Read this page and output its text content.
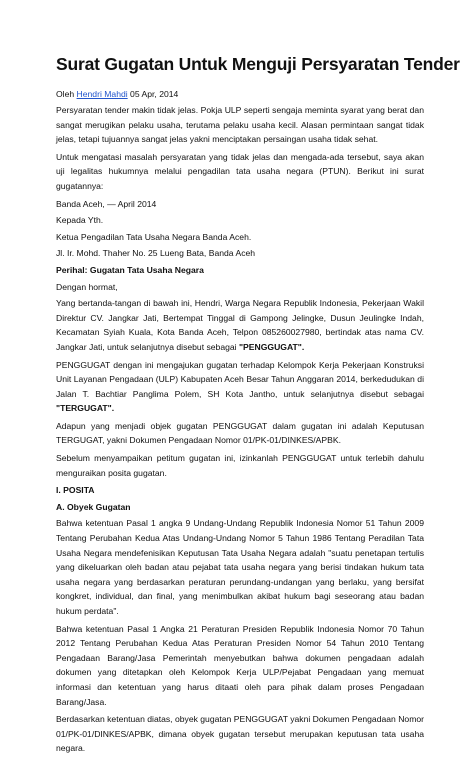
Surat Gugatan Untuk Menguji Persyaratan Tender
Oleh Hendri Mahdi 05 Apr, 2014

Persyaratan tender makin tidak jelas. Pokja ULP seperti sengaja meminta syarat yang berat dan sangat merugikan pelaku usaha, terutama pelaku usaha kecil. Alasan permintaan sangat tidak jelas, tetapi tujuannya sangat jelas yakni menciptakan persaingan usaha tidak sehat.

Untuk mengatasi masalah persyaratan yang tidak jelas dan mengada-ada tersebut, saya akan uji legalitas hukumnya melalui pengadilan tata usaha negara (PTUN). Berikut ini surat gugatannya:

Banda Aceh, — April 2014

Kepada Yth.

Ketua Pengadilan Tata Usaha Negara Banda Aceh.

Jl. Ir. Mohd. Thaher No. 25 Lueng Bata, Banda Aceh

Perihal: Gugatan Tata Usaha Negara

Dengan hormat,

Yang bertanda-tangan di bawah ini, Hendri, Warga Negara Republik Indonesia, Pekerjaan Wakil Direktur CV. Jangkar Jati, Bertempat Tinggal di Gampong Jelingke, Dusun Jeulingke Indah, Kecamatan Syiah Kuala, Kota Banda Aceh, Telpon 085260027980, bertindak atas nama CV. Jangkar Jati, untuk selanjutnya disebut sebagai "PENGGUGAT".

PENGGUGAT dengan ini mengajukan gugatan terhadap Kelompok Kerja Pekerjaan Konstruksi Unit Layanan Pengadaan (ULP) Kabupaten Aceh Besar Tahun Anggaran 2014, berkedudukan di Jalan T. Bachtiar Panglima Polem, SH Kota Jantho, untuk selanjutnya disebut sebagai "TERGUGAT".

Adapun yang menjadi objek gugatan PENGGUGAT dalam gugatan ini adalah Keputusan TERGUGAT, yakni Dokumen Pengadaan Nomor 01/PK-01/DINKES/APBK.

Sebelum menyampaikan petitum gugatan ini, izinkanlah PENGGUGAT untuk terlebih dahulu menguraikan posita gugatan.

I. POSITA

A. Obyek Gugatan

Bahwa ketentuan Pasal 1 angka 9 Undang-Undang Republik Indonesia Nomor 51 Tahun 2009 Tentang Perubahan Kedua Atas Undang-Undang Nomor 5 Tahun 1986 Tentang Peradilan Tata Usaha Negara mendefenisikan Keputusan Tata Usaha Negara adalah "suatu penetapan tertulis yang dikeluarkan oleh badan atau pejabat tata usaha negara yang berisi tindakan hukum tata usaha negara yang berdasarkan peraturan perundang-undangan yang berlaku, yang bersifat kongkret, individual, dan final, yang menimbulkan akibat hukum bagi seseorang atau badan hukum perdata".

Bahwa ketentuan Pasal 1 Angka 21 Peraturan Presiden Republik Indonesia Nomor 70 Tahun 2012 Tentang Perubahan Kedua Atas Peraturan Presiden Nomor 54 Tahun 2010 Tentang Pengadaan Barang/Jasa Pemerintah menyebutkan bahwa dokumen pengadaan adalah dokumen yang ditetapkan oleh Kelompok Kerja ULP/Pejabat Pengadaan yang memuat informasi dan ketentuan yang harus ditaati oleh para pihak dalam proses Pengadaan Barang/Jasa.

Berdasarkan ketentuan diatas, obyek gugatan PENGGUGAT yakni Dokumen Pengadaan Nomor 01/PK-01/DINKES/APBK, dimana obyek gugatan tersebut merupakan keputusan tata usaha negara.
